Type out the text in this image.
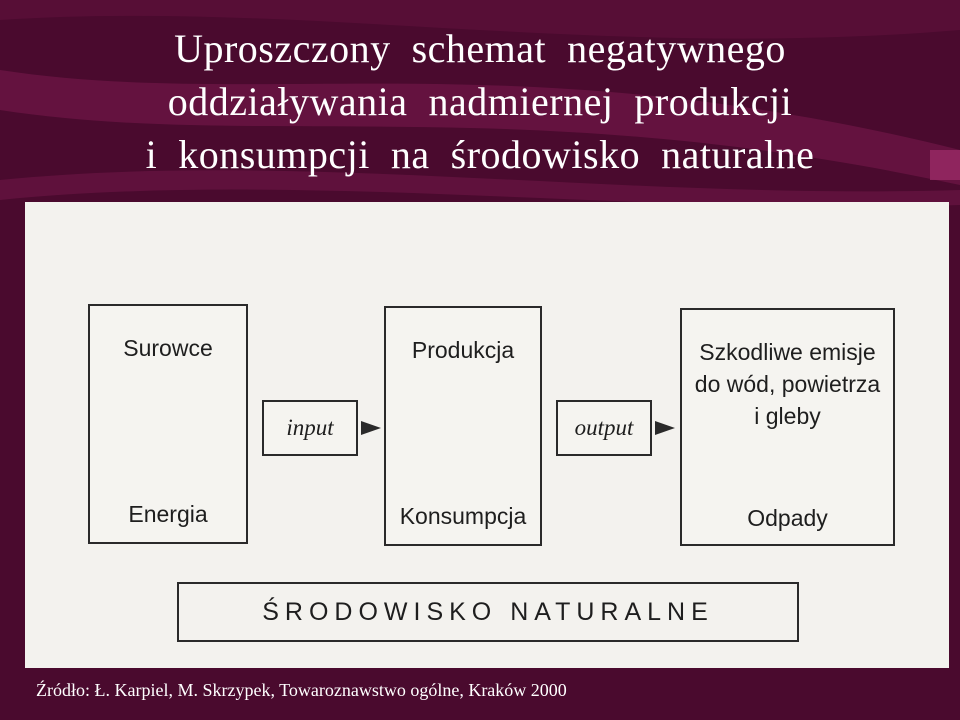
Uproszczony  schemat  negatywnego
oddziaływania  nadmiernej  produkcji
i  konsumpcji  na  środowisko  naturalne
Surowce
Energia
input
Produkcja
Konsumpcja
output
Szkodliwe emisje
do wód, powietrza
i gleby
Odpady
ŚRODOWISKO NATURALNE
Źródło: Ł. Karpiel, M. Skrzypek, Towaroznawstwo ogólne, Kraków 2000
